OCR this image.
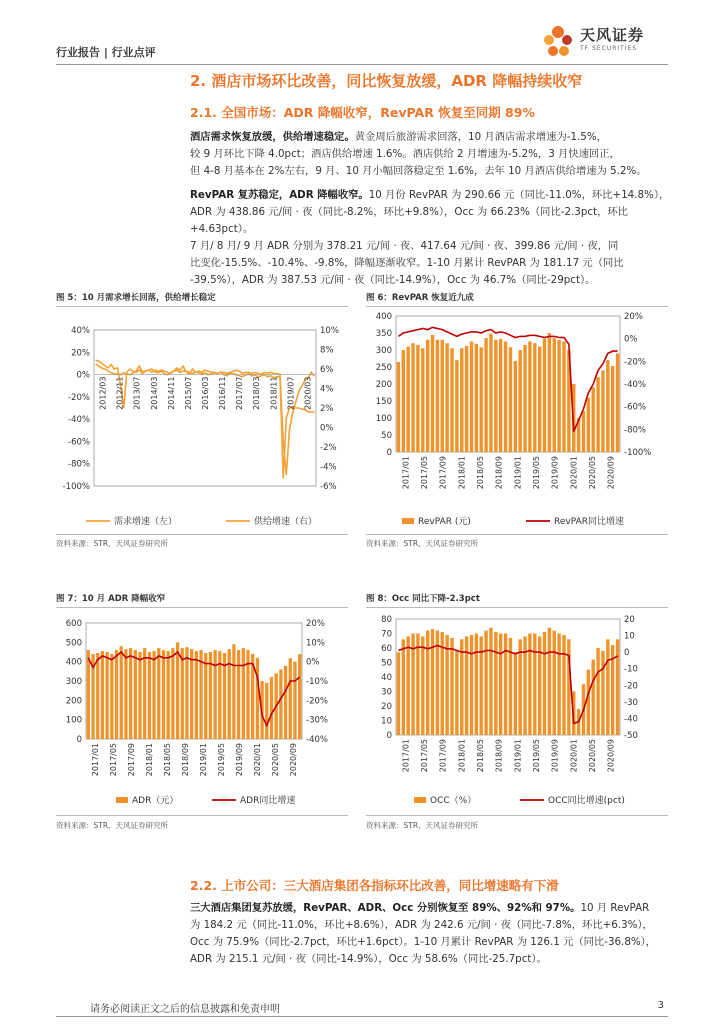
行业报告 | 行业点评
天风证券
TF SECURITIES
2. 酒店市场环比改善，同比恢复放缓，ADR 降幅持续收窄
2.1. 全国市场：ADR 降幅收窄，RevPAR 恢复至同期 89%
酒店需求恢复放缓，供给增速稳定。黄金周后旅游需求回落，10 月酒店需求增速为-1.5%，
较 9 月环比下降 4.0pct；酒店供给增速 1.6%。酒店供给 2 月增速为-5.2%，3 月快速回正，
但 4-8 月基本在 2%左右，9 月、10 月小幅回落稳定至 1.6%，去年 10 月酒店供给增速为 5.2%。
RevPAR 复苏稳定，ADR 降幅收窄。10 月份 RevPAR 为 290.66 元（同比-11.0%，环比+14.8%），
ADR 为 438.86 元/间 · 夜（同比-8.2%，环比+9.8%），Occ 为 66.23%（同比-2.3pct，环比+4.63pct）。
7 月/ 8 月/ 9 月 ADR 分别为 378.21 元/间 · 夜、417.64 元/间 · 夜、399.86 元/间 · 夜，同
比变化-15.5%、-10.4%、-9.8%，降幅逐渐收窄。1-10 月累计 RevPAR 为 181.17 元（同比
-39.5%），ADR 为 387.53 元/间 · 夜（同比-14.9%），Occ 为 46.7%（同比-29pct）。
图 5：10 月需求增长回落，供给增长稳定	图 6：RevPAR 恢复近九成
40%
20%
0%
-20%
-40%
-60%
-80%
-100%
10%
8%
6%
4%
2%
0%
-2%
-4%
-6%
2012/03 2012/11 2013/07 2014/03 2014/11 2015/07 2016/03 2016/11 2017/07 2018/03 2018/11 2019/07 2020/03
需求增速（左）	供给增速（右）
400
350
300
250
200
150
100
50
0
20%
0%
-20%
-40%
-60%
-80%
-100%
2017/01 2017/05 2017/09 2018/01 2018/05 2018/09 2019/01 2019/05 2019/09 2020/01 2020/05 2020/09
RevPAR (元)	RevPAR同比增速
资料来源：STR，天风证券研究所	资料来源：STR，天风证券研究所
图 7：10 月 ADR 降幅收窄	图 8：Occ 同比下降-2.3pct
600
500
400
300
200
100
0
20%
10%
0%
-10%
-20%
-30%
-40%
2017/01 2017/05 2017/09 2018/01 2018/05 2018/09 2019/01 2019/05 2019/09 2020/01 2020/05 2020/09
ADR（元）	ADR同比增速
80
70
60
50
40
30
20
10
0
20
10
0
-10
-20
-30
-40
-50
2017/01 2017/05 2017/09 2018/01 2018/05 2018/09 2019/01 2019/05 2019/09 2020/01 2020/05 2020/09
OCC（%）	OCC同比增速(pct)
资料来源：STR，天风证券研究所	资料来源：STR，天风证券研究所
2.2. 上市公司：三大酒店集团各指标环比改善，同比增速略有下滑
三大酒店集团复苏放缓，RevPAR、ADR、Occ 分别恢复至 89%、92%和 97%。10 月 RevPAR
为 184.2 元（同比-11.0%，环比+8.6%），ADR 为 242.6 元/间 · 夜（同比-7.8%，环比+6.3%），
Occ 为 75.9%（同比-2.7pct，环比+1.6pct）。1-10 月累计 RevPAR 为 126.1 元（同比-36.8%），
ADR 为 215.1 元/间 · 夜（同比-14.9%），Occ 为 58.6%（同比-25.7pct）。
请务必阅读正文之后的信息披露和免责申明	3
